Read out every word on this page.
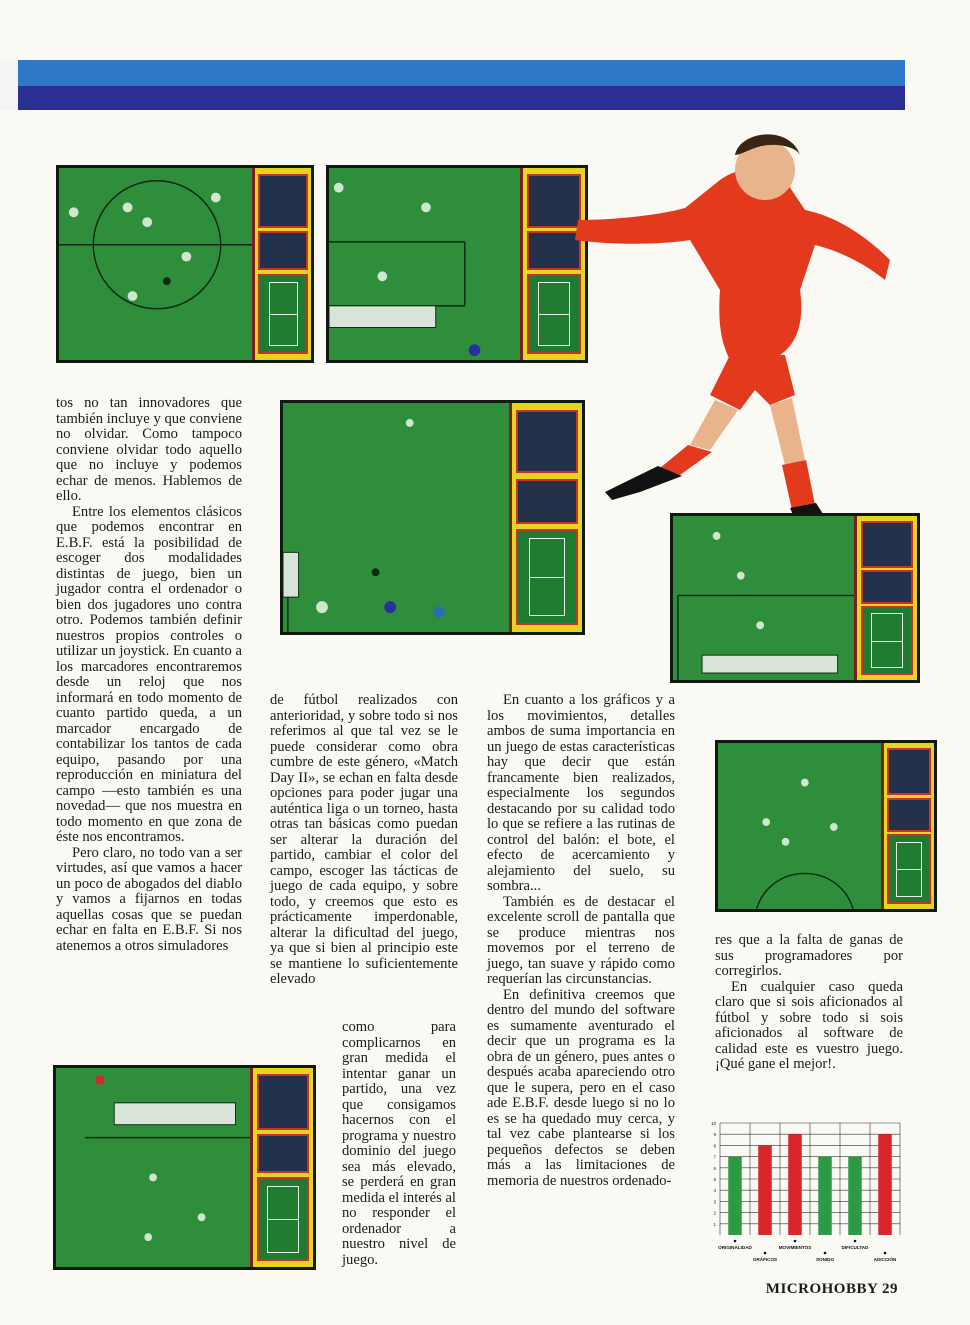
tos no tan innovadores que también incluye y que conviene no olvidar. Como tampoco conviene olvidar todo aquello que no incluye y podemos echar de menos. Hablemos de ello.

Entre los elementos clásicos que podemos encontrar en E.B.F. está la posibilidad de escoger dos modalidades distintas de juego, bien un jugador contra el ordenador o bien dos jugadores uno contra otro. Podemos también definir nuestros propios controles o utilizar un joystick. En cuanto a los marcadores encontraremos desde un reloj que nos informará en todo momento de cuanto partido queda, a un marcador encargado de contabilizar los tantos de cada equipo, pasando por una reproducción en miniatura del campo —esto también es una novedad— que nos muestra en todo momento en que zona de éste nos encontramos.

Pero claro, no todo van a ser virtudes, así que vamos a hacer un poco de abogados del diablo y vamos a fijarnos en todas aquellas cosas que se puedan echar en falta en E.B.F. Si nos atenemos a otros simuladores

de fútbol realizados con anterioridad, y sobre todo si nos referimos al que tal vez se le puede considerar como obra cumbre de este género, «Match Day II», se echan en falta desde opciones para poder jugar una auténtica liga o un torneo, hasta otras tan básicas como puedan ser alterar la duración del partido, cambiar el color del campo, escoger las tácticas de juego de cada equipo, y sobre todo, y creemos que esto es prácticamente imperdonable, alterar la dificultad del juego, ya que si bien al principio este se mantiene lo suficientemente elevado

como para complicarnos en gran medida el intentar ganar un partido, una vez que consigamos hacernos con el programa y nuestro dominio del juego sea más elevado, se perderá en gran medida el interés al no responder el ordenador a nuestro nivel de juego.

En cuanto a los gráficos y a los movimientos, detalles ambos de suma importancia en un juego de estas características hay que decir que están francamente bien realizados, especialmente los segundos destacando por su calidad todo lo que se refiere a las rutinas de control del balón: el bote, el efecto de acercamiento y alejamiento del suelo, su sombra...

También es de destacar el excelente scroll de pantalla que se produce mientras nos movemos por el terreno de juego, tan suave y rápido como requerían las circunstancias.

En definitiva creemos que dentro del mundo del software es sumamente aventurado el decir que un programa es la obra de un género, pues antes o después acaba apareciendo otro que le supera, pero en el caso ade E.B.F. desde luego si no lo es se ha quedado muy cerca, y tal vez cabe plantearse si los pequeños defectos se deben más a las limitaciones de memoria de nuestros ordenado-

res que a la falta de ganas de sus programadores por corregirlos.

En cualquier caso queda claro que si sois aficionados al fútbol y sobre todo si sois aficionados al software de calidad este es vuestro juego. ¡Qué gane el mejor!.

1
2
3
4
5
6
7
8
9
10
ORIGINALIDAD
GRÁFICOS
MOVIMIENTOS
SONIDO
DIFICULTAD
ADICCIÓN
MICROHOBBY 29
